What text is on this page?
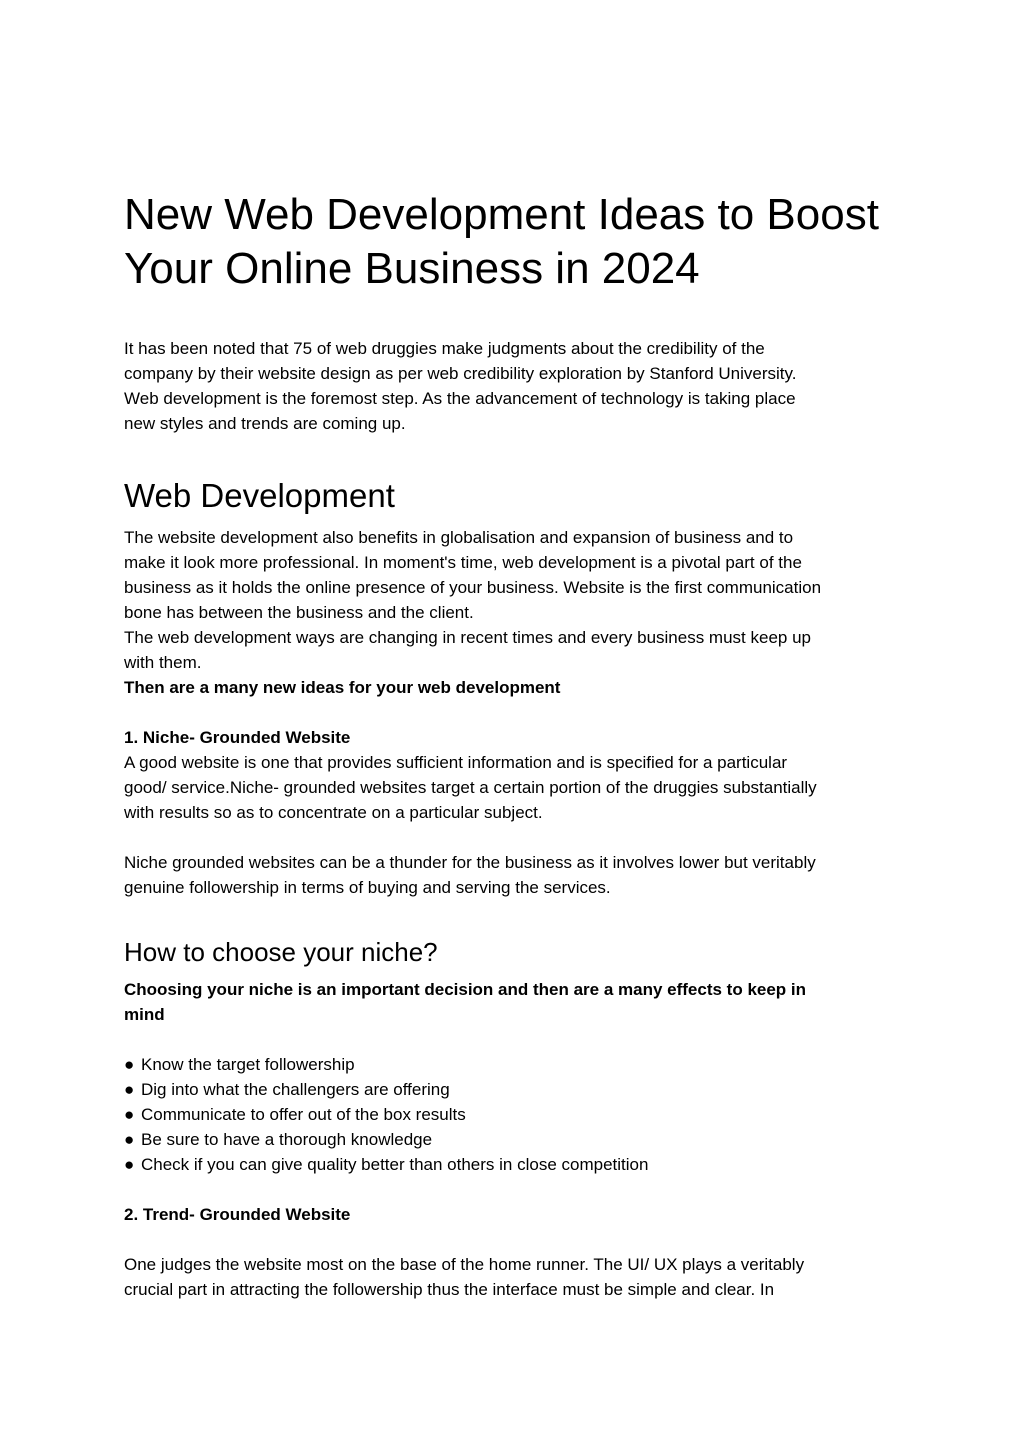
New Web Development Ideas to Boost
Your Online Business in 2024

It has been noted that 75 of web druggies make judgments about the credibility of the
company by their website design as per web credibility exploration by Stanford University.
Web development is the foremost step. As the advancement of technology is taking place
new styles and trends are coming up.

Web Development

The website development also benefits in globalisation and expansion of business and to
make it look more professional. In moment's time, web development is a pivotal part of the
business as it holds the online presence of your business. Website is the first communication
bone has between the business and the client.
The web development ways are changing in recent times and every business must keep up
with them.
Then are a many new ideas for your web development

1. Niche- Grounded Website

A good website is one that provides sufficient information and is specified for a particular
good/ service.Niche- grounded websites target a certain portion of the druggies substantially
with results so as to concentrate on a particular subject.

Niche grounded websites can be a thunder for the business as it involves lower but veritably
genuine followership in terms of buying and serving the services.

How to choose your niche?

Choosing your niche is an important decision and then are a many effects to keep in
mind

● Know the target followership
● Dig into what the challengers are offering
● Communicate to offer out of the box results
● Be sure to have a thorough knowledge
● Check if you can give quality better than others in close competition

2. Trend- Grounded Website

One judges the website most on the base of the home runner. The UI/ UX plays a veritably
crucial part in attracting the followership thus the interface must be simple and clear. In
